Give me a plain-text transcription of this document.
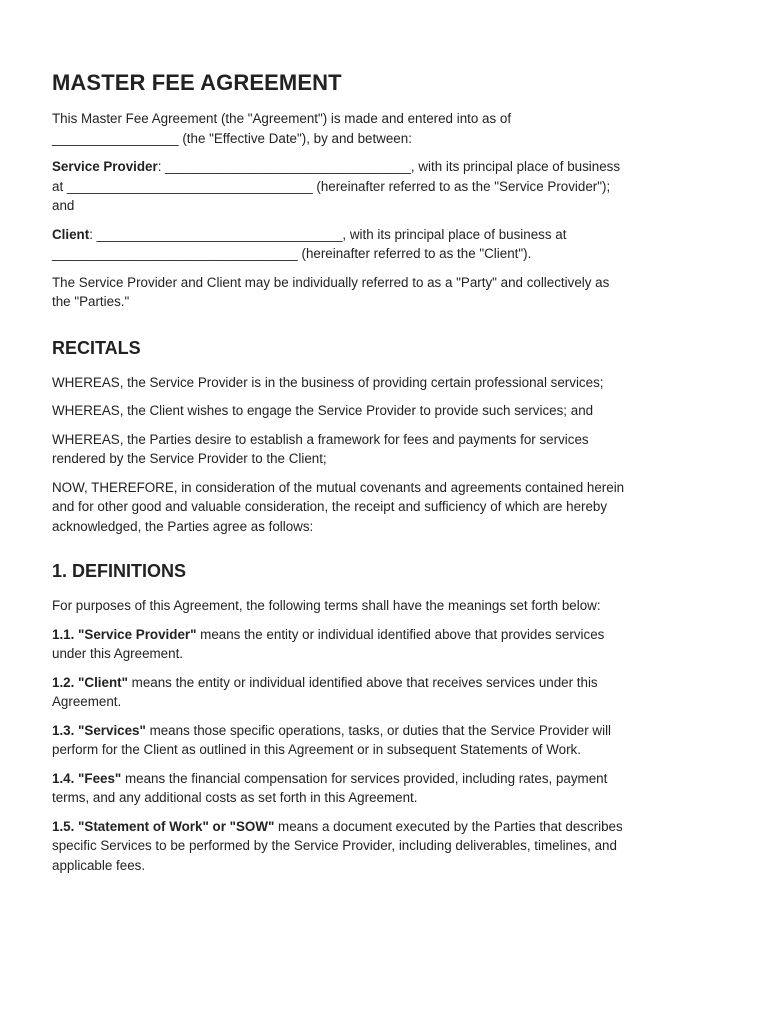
MASTER FEE AGREEMENT

This Master Fee Agreement (the "Agreement") is made and entered into as of
_________________ (the "Effective Date"), by and between:

Service Provider: _________________________________, with its principal place of business
at _________________________________ (hereinafter referred to as the "Service Provider");
and

Client: _________________________________, with its principal place of business at
_________________________________ (hereinafter referred to as the "Client").

The Service Provider and Client may be individually referred to as a "Party" and collectively as
the "Parties."

RECITALS

WHEREAS, the Service Provider is in the business of providing certain professional services;

WHEREAS, the Client wishes to engage the Service Provider to provide such services; and

WHEREAS, the Parties desire to establish a framework for fees and payments for services
rendered by the Service Provider to the Client;

NOW, THEREFORE, in consideration of the mutual covenants and agreements contained herein
and for other good and valuable consideration, the receipt and sufficiency of which are hereby
acknowledged, the Parties agree as follows:

1. DEFINITIONS

For purposes of this Agreement, the following terms shall have the meanings set forth below:

1.1. "Service Provider" means the entity or individual identified above that provides services
under this Agreement.

1.2. "Client" means the entity or individual identified above that receives services under this
Agreement.

1.3. "Services" means those specific operations, tasks, or duties that the Service Provider will
perform for the Client as outlined in this Agreement or in subsequent Statements of Work.

1.4. "Fees" means the financial compensation for services provided, including rates, payment
terms, and any additional costs as set forth in this Agreement.

1.5. "Statement of Work" or "SOW" means a document executed by the Parties that describes
specific Services to be performed by the Service Provider, including deliverables, timelines, and
applicable fees.
